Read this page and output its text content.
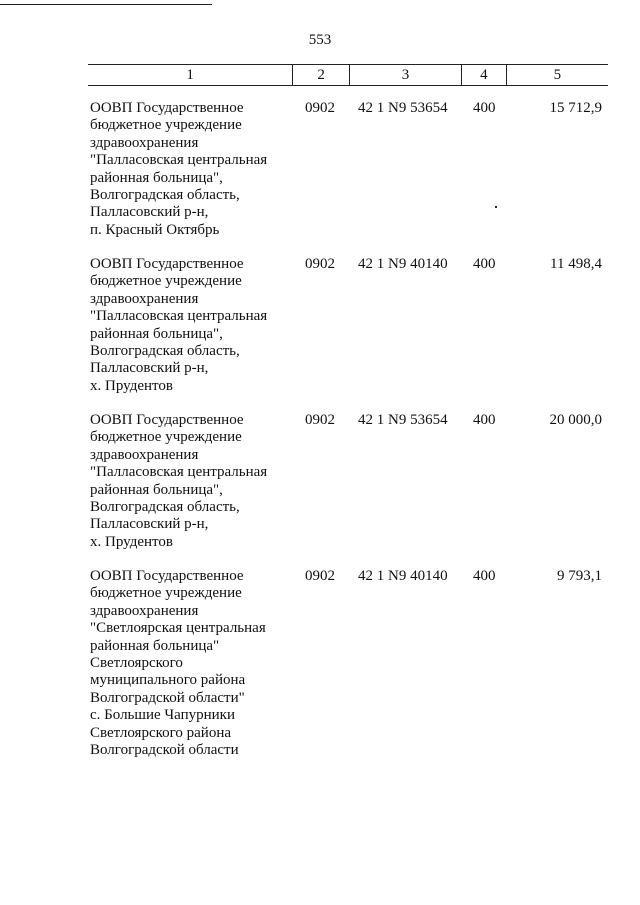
553
1	2	3	4	5
ООВП Государственное
бюджетное учреждение
здравоохранения
"Палласовская центральная
районная больница",
Волгоградская область,
Палласовский р-н,
п. Красный Октябрь
0902	42 1 N9 53654	400	15 712,9
ООВП Государственное
бюджетное учреждение
здравоохранения
"Палласовская центральная
районная больница",
Волгоградская область,
Палласовский р-н,
х. Прудентов
0902	42 1 N9 40140	400	11 498,4
ООВП Государственное
бюджетное учреждение
здравоохранения
"Палласовская центральная
районная больница",
Волгоградская область,
Палласовский р-н,
х. Прудентов
0902	42 1 N9 53654	400	20 000,0
ООВП Государственное
бюджетное учреждение
здравоохранения
"Светлоярская центральная
районная больница"
Светлоярского
муниципального района
Волгоградской области"
с. Большие Чапурники
Светлоярского района
Волгоградской области
0902	42 1 N9 40140	400	9 793,1
